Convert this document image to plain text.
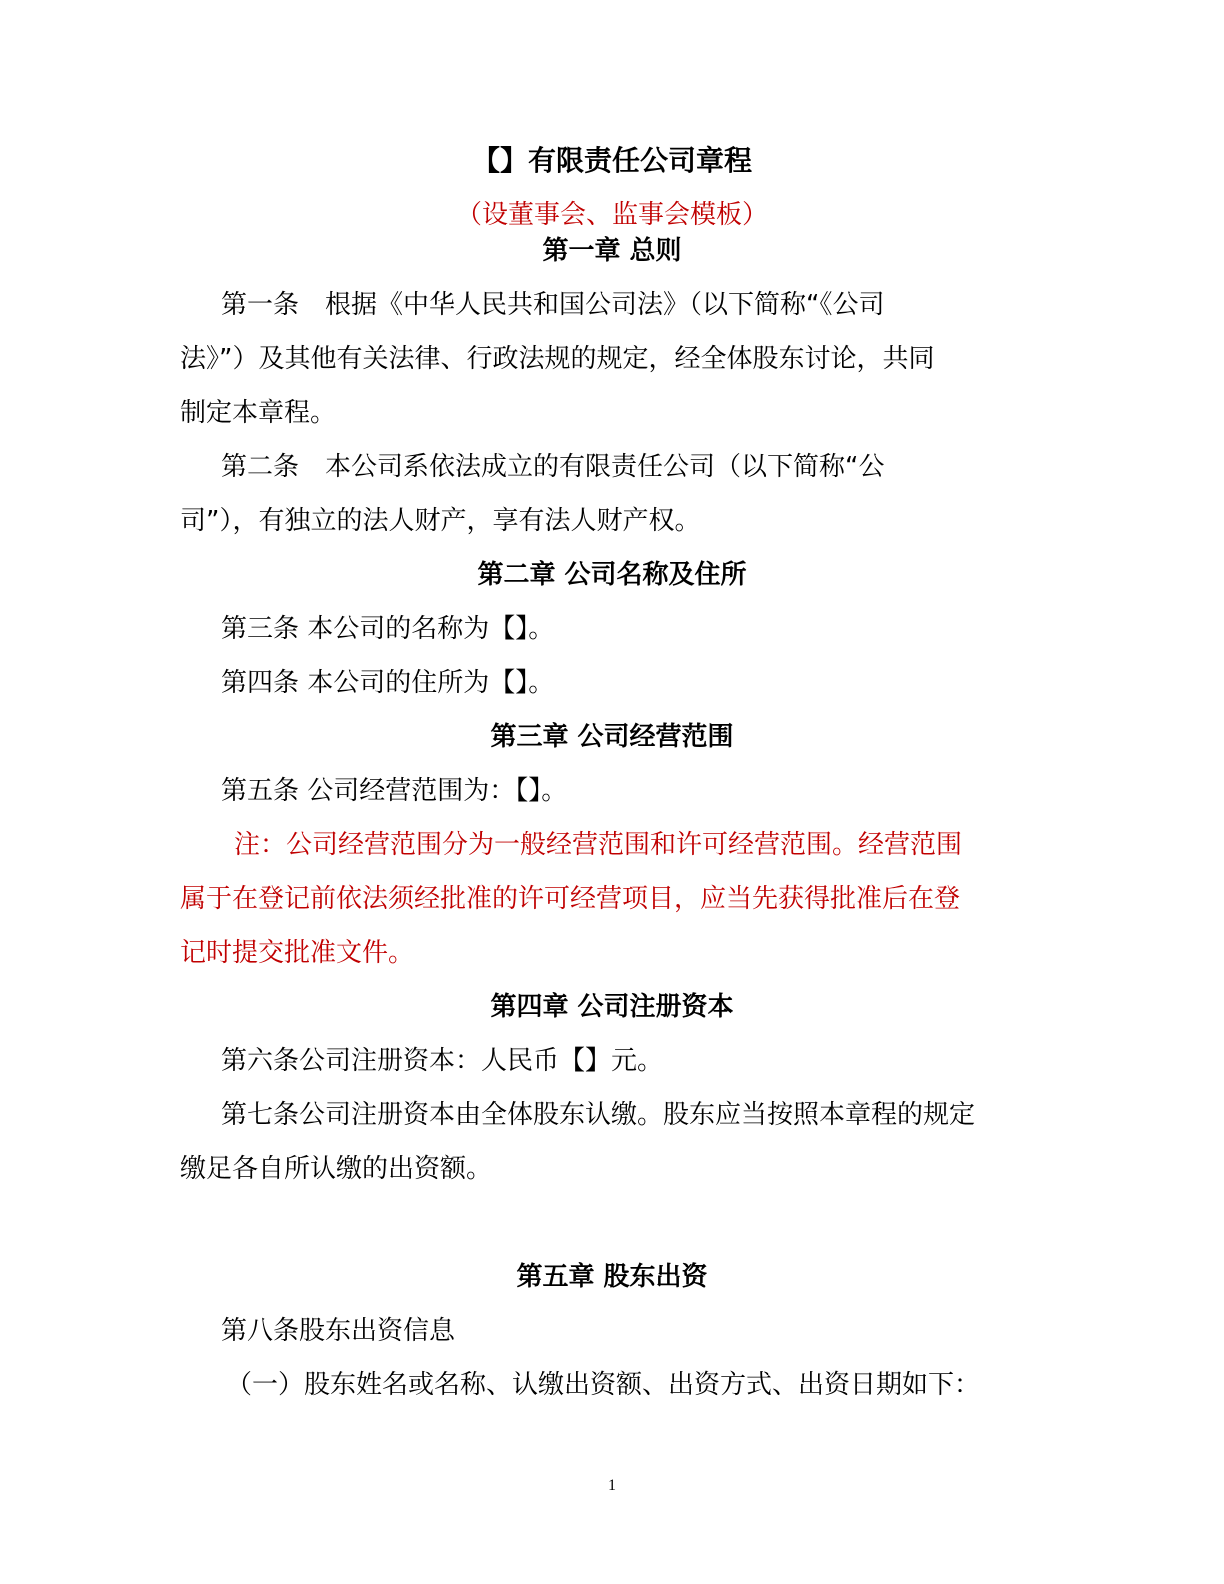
【】有限责任公司章程
（设董事会、监事会模板）
第一章 总则
第一条　根据《中华人民共和国公司法》（以下简称“《公司
法》”）及其他有关法律、行政法规的规定，经全体股东讨论，共同
制定本章程。
第二条　本公司系依法成立的有限责任公司（以下简称“公
司”），有独立的法人财产，享有法人财产权。
第二章 公司名称及住所
第三条 本公司的名称为【】。
第四条 本公司的住所为【】。
第三章 公司经营范围
第五条 公司经营范围为：【】。
注：公司经营范围分为一般经营范围和许可经营范围。经营范围
属于在登记前依法须经批准的许可经营项目，应当先获得批准后在登
记时提交批准文件。
第四章 公司注册资本
第六条公司注册资本：人民币【】元。
第七条公司注册资本由全体股东认缴。股东应当按照本章程的规定
缴足各自所认缴的出资额。
第五章 股东出资
第八条股东出资信息
（一）股东姓名或名称、认缴出资额、出资方式、出资日期如下：
1
